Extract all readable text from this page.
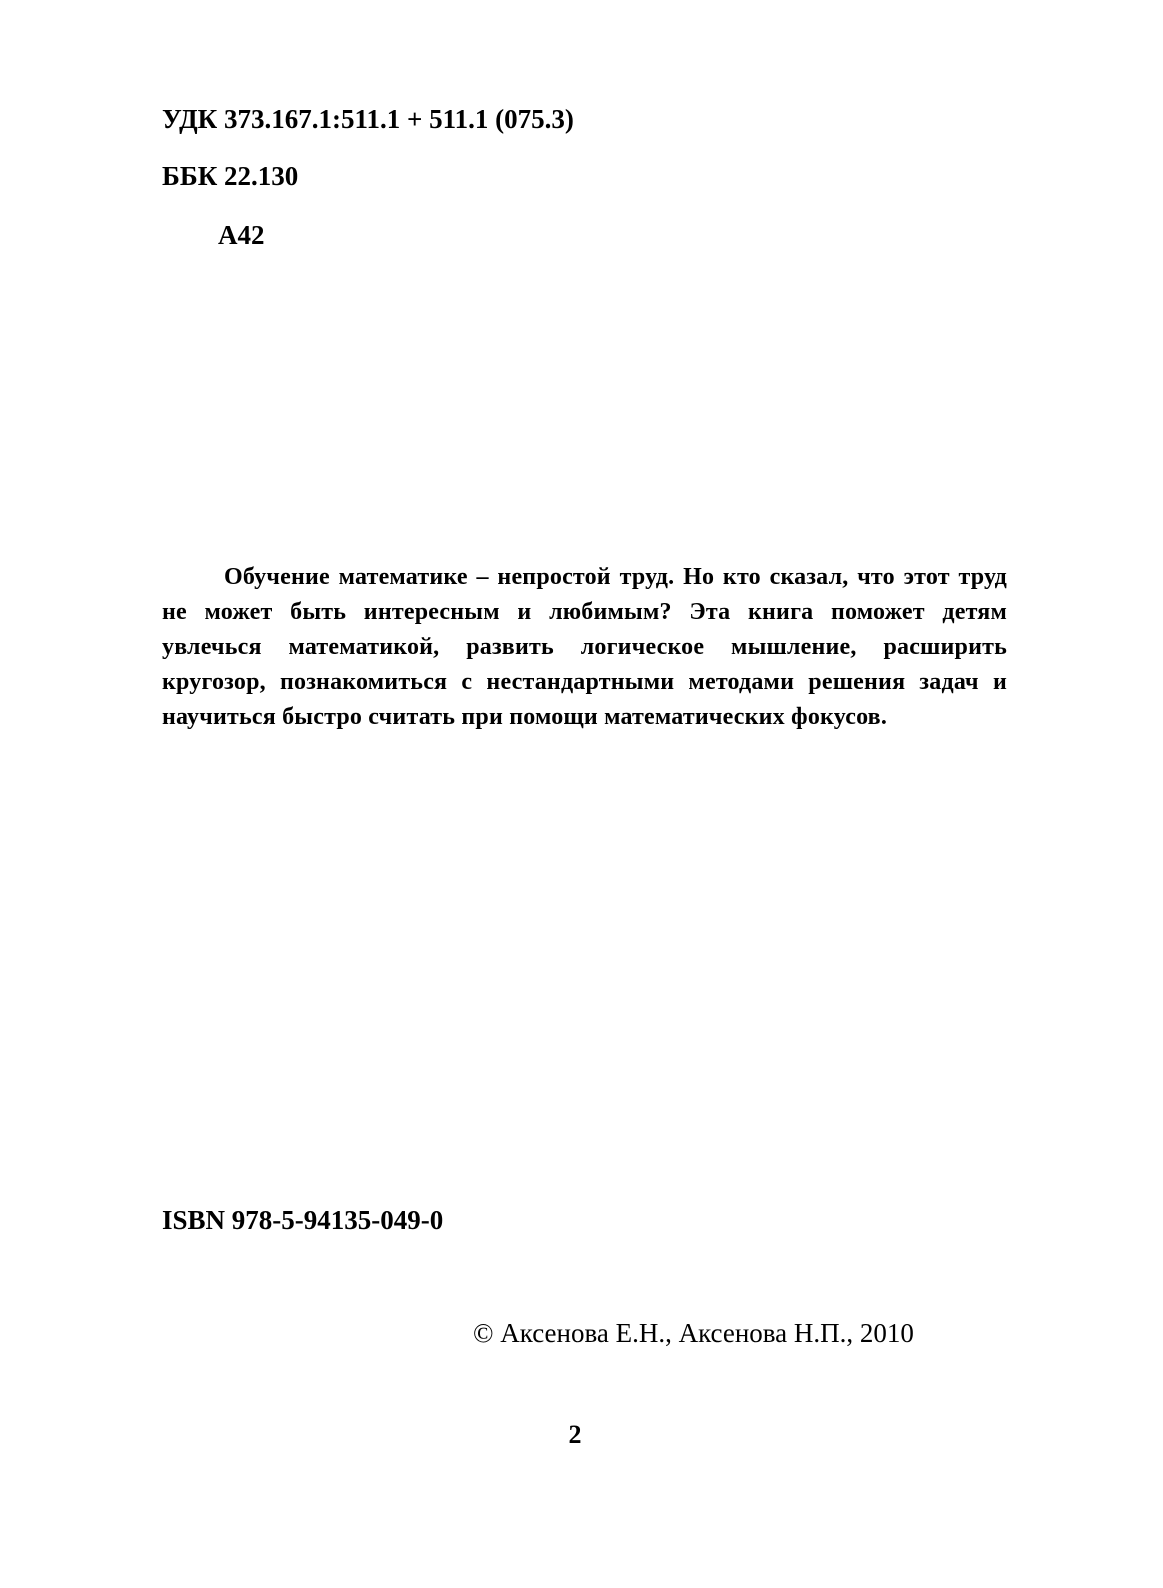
УДК 373.167.1:511.1 + 511.1 (075.3)
ББК 22.130
А42

Обучение математике – непростой труд. Но кто сказал, что этот труд не может быть интересным и любимым? Эта книга поможет детям увлечься математикой, развить логическое мышление, расширить кругозор, познакомиться с нестандартными методами решения задач и научиться быстро считать при помощи математических фокусов.

ISBN 978-5-94135-049-0
© Аксенова Е.Н., Аксенова Н.П., 2010
2
